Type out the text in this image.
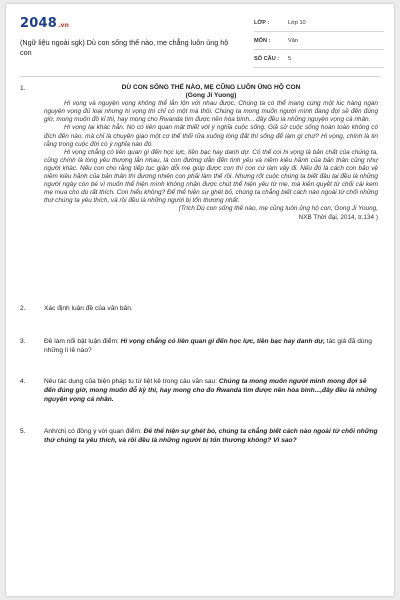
2048.vn
(Ngữ liệu ngoài sgk) Dù con sống thế nào, mẹ chẳng luôn ủng hộ con
LỚP :	Lớp 10
MÔN :	Văn
SỐ CÂU :	5
1.	DÙ CON SỐNG THẾ NÀO, MẸ CŨNG LUÔN ỦNG HỘ CON
(Gong Ji Yuong)

Hi vọng và nguyện vọng không thể lẫn lộn với nhau được. Chúng ta có thể mang cùng một lúc hàng ngàn nguyện vọng đủ loại nhưng hi vọng thì chỉ có một mà thôi. Chúng ta mong muốn người mình đang đợi sẽ đến đúng giờ, mong muốn đồ kỉ thi, hay mong cho Rwanda tìm được nền hòa bình... đây đều là những nguyện vọng cá nhân.

Hi vọng lại khác hẳn. Nó có liên quan mật thiết với ý nghĩa cuộc sống. Giả sử cuộc sống hoàn toàn không có đích đến nào, mà chỉ là chuyện giao một cơ thể thối rữa xuống lòng đất thì sống để làm gì chứ? Hi vọng, chính là tin rằng trong cuộc đời có ý nghĩa nào đó.

Hi vọng chẳng có liên quan gì đến học lực, tiền bạc hay danh dự. Có thể coi hi vọng là bản chất của chúng ta, cũng chính là lòng yêu thương lẫn nhau, là con đường dẫn đến tình yêu và niềm kiêu hãnh của bản thân cũng như người khác. Nếu con cho rằng tiếp tục giận dỗi mẹ giúp được con thì con cứ làm vậy đi. Nếu đó là cách con bảo vệ niềm kiêu hãnh của bản thân thì đương nhiên con phải làm thế rồi. Nhưng rốt cuộc chúng ta biết đâu lại đều là những người ngày còn bé vì muốn thể hiện mình không nhận được chút thể hiện yêu từ mẹ, mà kiên quyết từ chối cái kem mẹ mua cho dù rất thích. Con hiểu không? Để thể hiện sự ghét bỏ, chúng ta chẳng biết cách nào ngoài từ chối những thứ chúng ta yêu thích, và rồi đều là những người bị tổn thương nhất.

(Trích Dù con sống thế nào, mẹ cũng luôn ủng hộ con, Gong Ji Young,
NXB Thời đại, 2014, tr.134 )
2.	Xác định luận đề của văn bản.
3.	Đề làm nổi bật luận điểm: Hi vọng chẳng có liên quan gì đến học lực, tiền bạc hay danh dự, tác giả đã dùng những lí lẽ nào?
4.	Nêu tác dụng của biện pháp tu từ liệt kê trong câu văn sau: Chúng ta mong muốn người mình mong đợi sẽ đến đúng giờ, mong muốn đỗ kỳ thi, hay mong cho đo Rwanda tìm được nền hòa bình...,đây đều là những nguyện vọng cá nhân.
5.	Anh/chị có đồng ý với quan điểm: Để thể hiện sự ghét bỏ, chúng ta chẳng biết cách nào ngoài từ chối những thứ chúng ta yêu thích, và rồi đều là những người bị tổn thương không? Vì sao?
